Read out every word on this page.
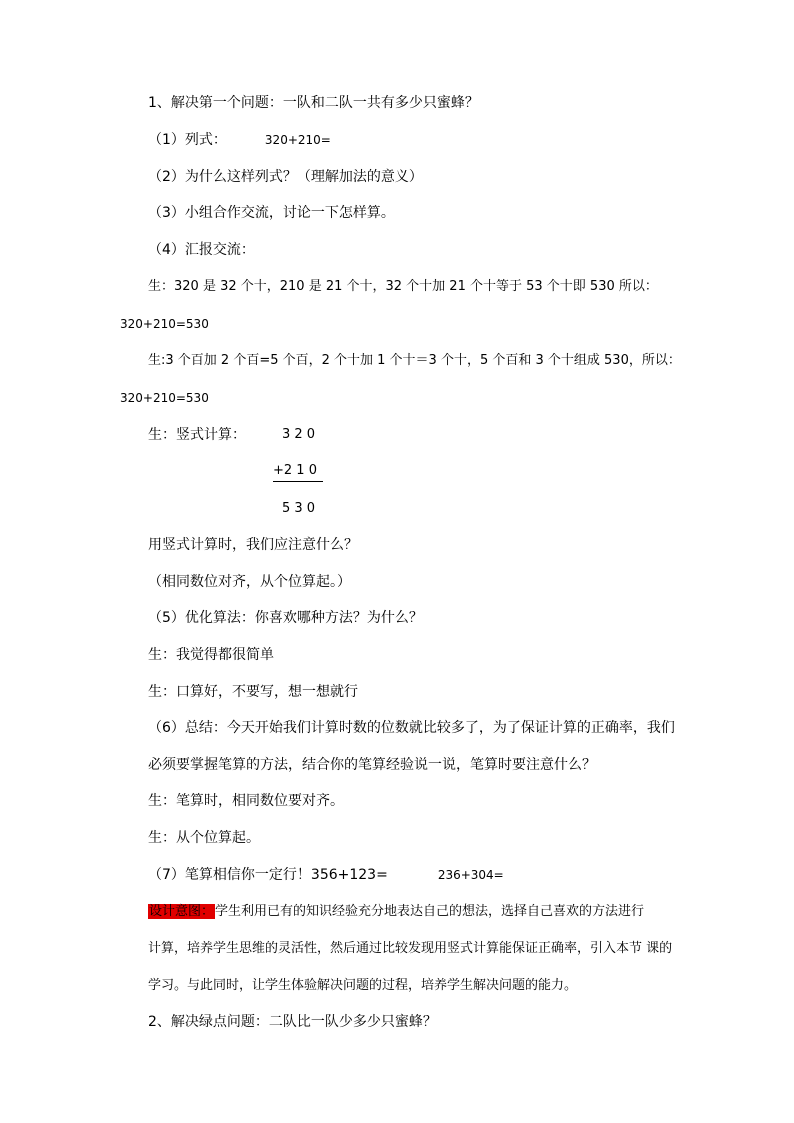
1、解决第一个问题：一队和二队一共有多少只蜜蜂？
（1）列式：	320+210=
（2）为什么这样列式？（理解加法的意义）
（3）小组合作交流，讨论一下怎样算。
（4）汇报交流：
生：320 是 32 个十，210 是 21 个十，32 个十加 21 个十等于 53 个十即 530 所以：
320+210=530
生:3 个百加 2 个百=5 个百，2 个十加 1 个十＝3 个十，5 个百和 3 个十组成 530，所以：
320+210=530
生：竖式计算：	3 2 0
+2 1 0
5 3 0
用竖式计算时，我们应注意什么？
（相同数位对齐，从个位算起。）
（5）优化算法：你喜欢哪种方法？为什么？
生：我觉得都很简单
生：口算好，不要写，想一想就行
（6）总结：今天开始我们计算时数的位数就比较多了，为了保证计算的正确率，我们
必须要掌握笔算的方法，结合你的笔算经验说一说，笔算时要注意什么？
生：笔算时，相同数位要对齐。
生：从个位算起。
（7）笔算相信你一定行！356+123=	236+304=
设计意图：学生利用已有的知识经验充分地表达自己的想法，选择自己喜欢的方法进行
计算，培养学生思维的灵活性，然后通过比较发现用竖式计算能保证正确率，引入本节 课的
学习。与此同时，让学生体验解决问题的过程，培养学生解决问题的能力。
2、解决绿点问题：二队比一队少多少只蜜蜂？
